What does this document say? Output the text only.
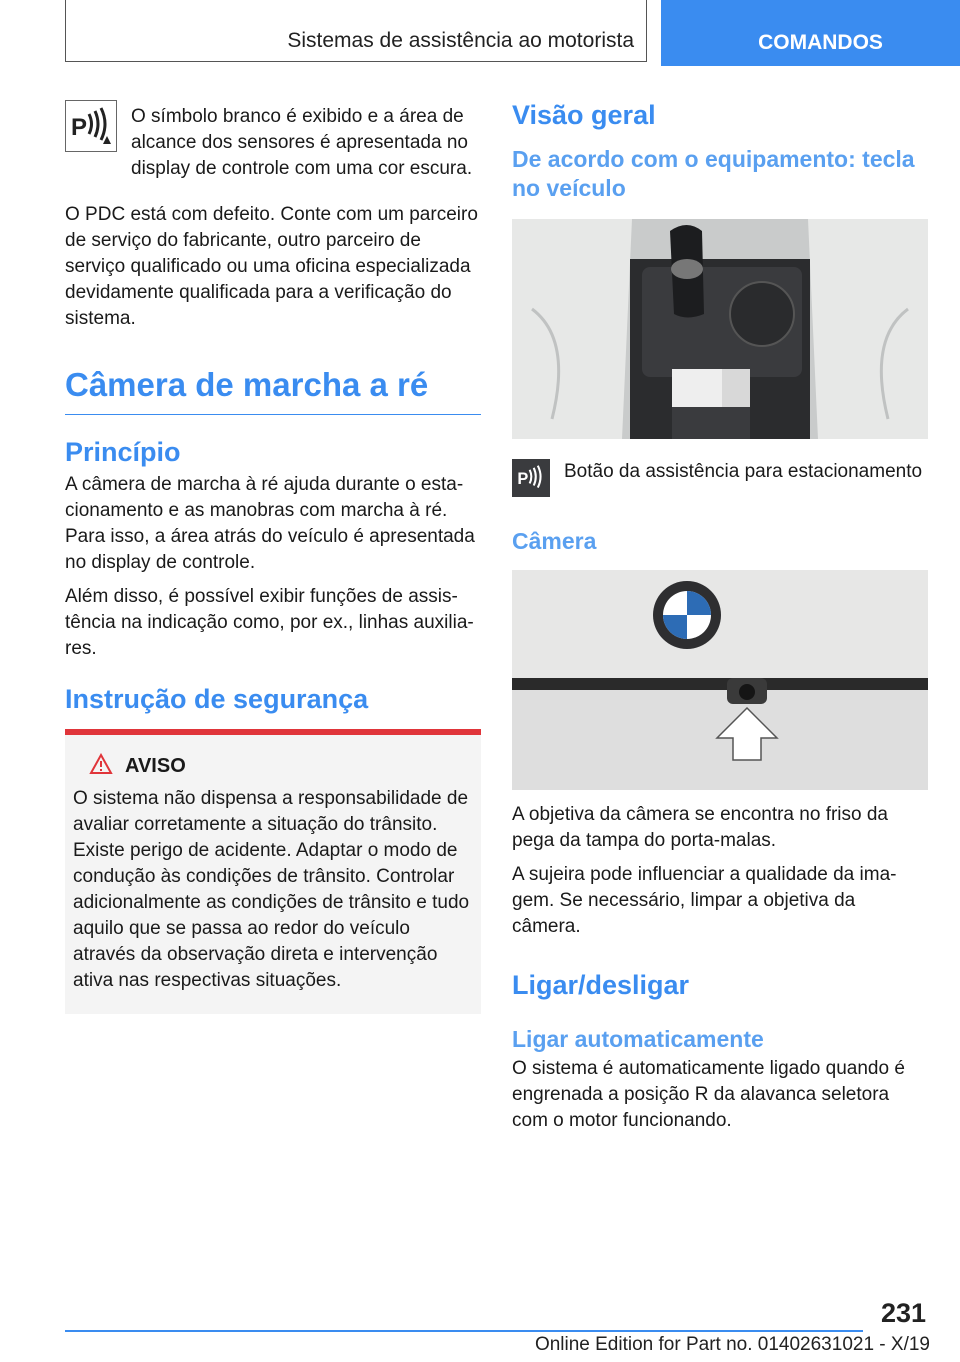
Sistemas de assistência ao motorista	COMANDOS
P O símbolo branco é exibido e a área de alcance dos sensores é apresentada no display de controle com uma cor escura.

O PDC está com defeito. Conte com um parceiro de serviço do fabricante, outro parceiro de serviço qualificado ou uma oficina especializada devidamente qualificada para a verificação do sistema.

Câmera de marcha a ré
Princípio

A câmera de marcha à ré ajuda durante o estacionamento e as manobras com marcha à ré. Para isso, a área atrás do veículo é apresentada no display de controle.

Além disso, é possível exibir funções de assistência na indicação como, por ex., linhas auxiliares.

Instrução de segurança
AVISO

O sistema não dispensa a responsabilidade de avaliar corretamente a situação do trânsito. Existe perigo de acidente. Adaptar o modo de condução às condições de trânsito. Controlar adicionalmente as condições de trânsito e tudo aquilo que se passa ao redor do veículo através da observação direta e intervenção ativa nas respectivas situações.

Visão geral
De acordo com o equipamento: tecla no veículo
P Botão da assistência para estacionamento

Câmera

A objetiva da câmera se encontra no friso da pega da tampa do porta-malas.

A sujeira pode influenciar a qualidade da imagem. Se necessário, limpar a objetiva da câmera.

Ligar/desligar
Ligar automaticamente

O sistema é automaticamente ligado quando é engrenada a posição R da alavanca seletora com o motor funcionando.

231
Online Edition for Part no. 01402631021 - X/19
